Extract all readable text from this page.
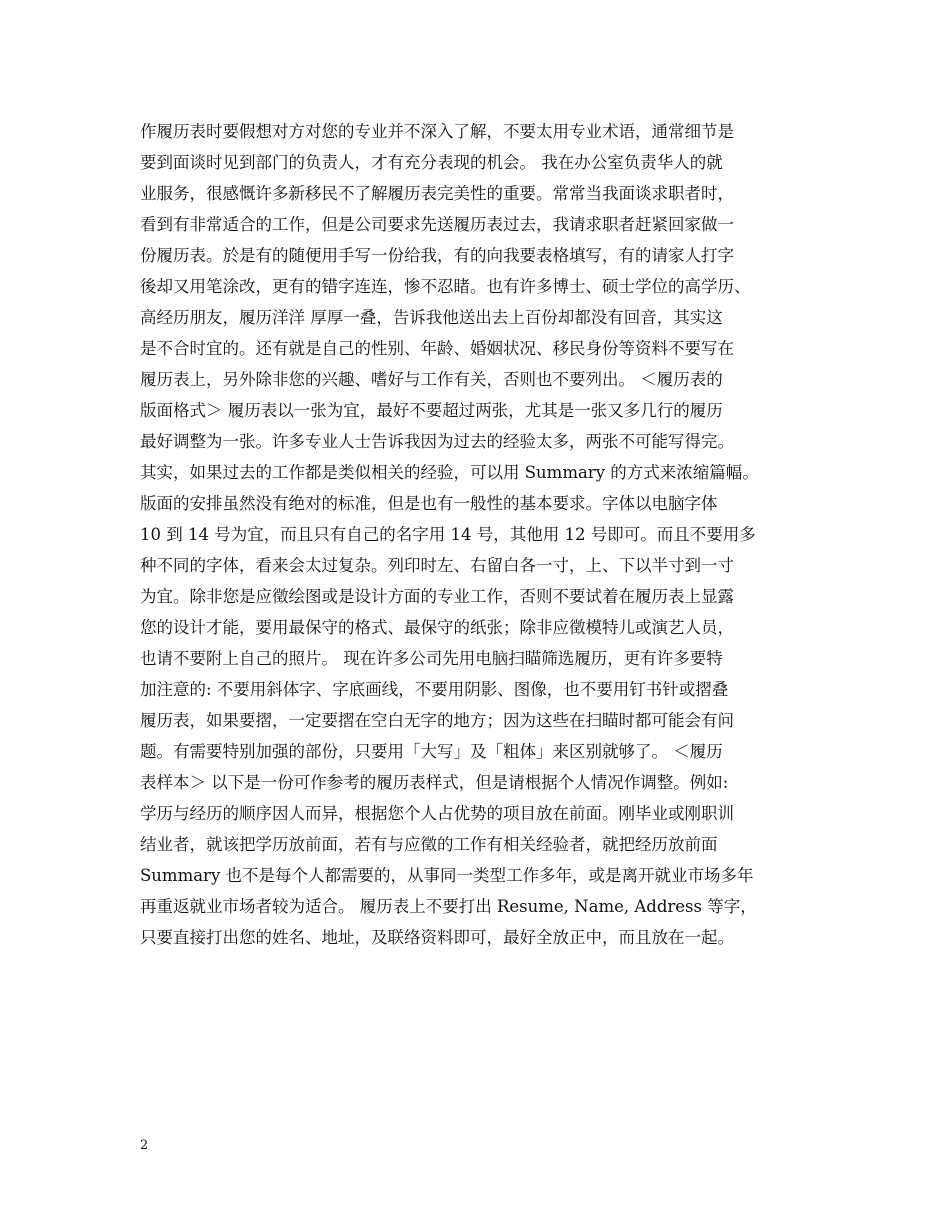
作履历表时要假想对方对您的专业并不深入了解，不要太用专业术语，通常细节是
要到面谈时见到部门的负责人，才有充分表现的机会。 我在办公室负责华人的就
业服务，很感慨许多新移民不了解履历表完美性的重要。常常当我面谈求职者时，
看到有非常适合的工作，但是公司要求先送履历表过去，我请求职者赶紧回家做一
份履历表。於是有的随便用手写一份给我，有的向我要表格填写，有的请家人打字
後却又用笔涂改，更有的错字连连，惨不忍睹。也有许多博士、硕士学位的高学历、
高经历朋友，履历洋洋 厚厚一叠，告诉我他送出去上百份却都没有回音，其实这
是不合时宜的。还有就是自己的性别、年龄、婚姻状况、移民身份等资料不要写在
履历表上，另外除非您的兴趣、嗜好与工作有关，否则也不要列出。 ＜履历表的
版面格式＞ 履历表以一张为宜，最好不要超过两张，尤其是一张又多几行的履历
最好调整为一张。许多专业人士告诉我因为过去的经验太多，两张不可能写得完。
其实，如果过去的工作都是类似相关的经验，可以用 Summary 的方式来浓缩篇幅。
版面的安排虽然没有绝对的标准，但是也有一般性的基本要求。字体以电脑字体
10 到 14 号为宜，而且只有自己的名字用 14 号，其他用 12 号即可。而且不要用多
种不同的字体，看来会太过复杂。列印时左、右留白各一寸，上、下以半寸到一寸
为宜。除非您是应徵绘图或是设计方面的专业工作，否则不要试着在履历表上显露
您的设计才能，要用最保守的格式、最保守的纸张；除非应徵模特儿或演艺人员，
也请不要附上自己的照片。 现在许多公司先用电脑扫瞄筛选履历，更有许多要特
加注意的: 不要用斜体字、字底画线，不要用阴影、图像，也不要用钉书针或摺叠
履历表，如果要摺，一定要摺在空白无字的地方；因为这些在扫瞄时都可能会有问
题。有需要特别加强的部份，只要用「大写」及「粗体」来区别就够了。 ＜履历
表样本＞ 以下是一份可作参考的履历表样式，但是请根据个人情况作调整。例如:
学历与经历的顺序因人而异，根据您个人占优势的项目放在前面。刚毕业或刚职训
结业者，就该把学历放前面，若有与应徵的工作有相关经验者，就把经历放前面
Summary 也不是每个人都需要的，从事同一类型工作多年，或是离开就业市场多年
再重返就业市场者较为适合。 履历表上不要打出 Resume, Name, Address 等字，
只要直接打出您的姓名、地址，及联络资料即可，最好全放正中，而且放在一起。
2
